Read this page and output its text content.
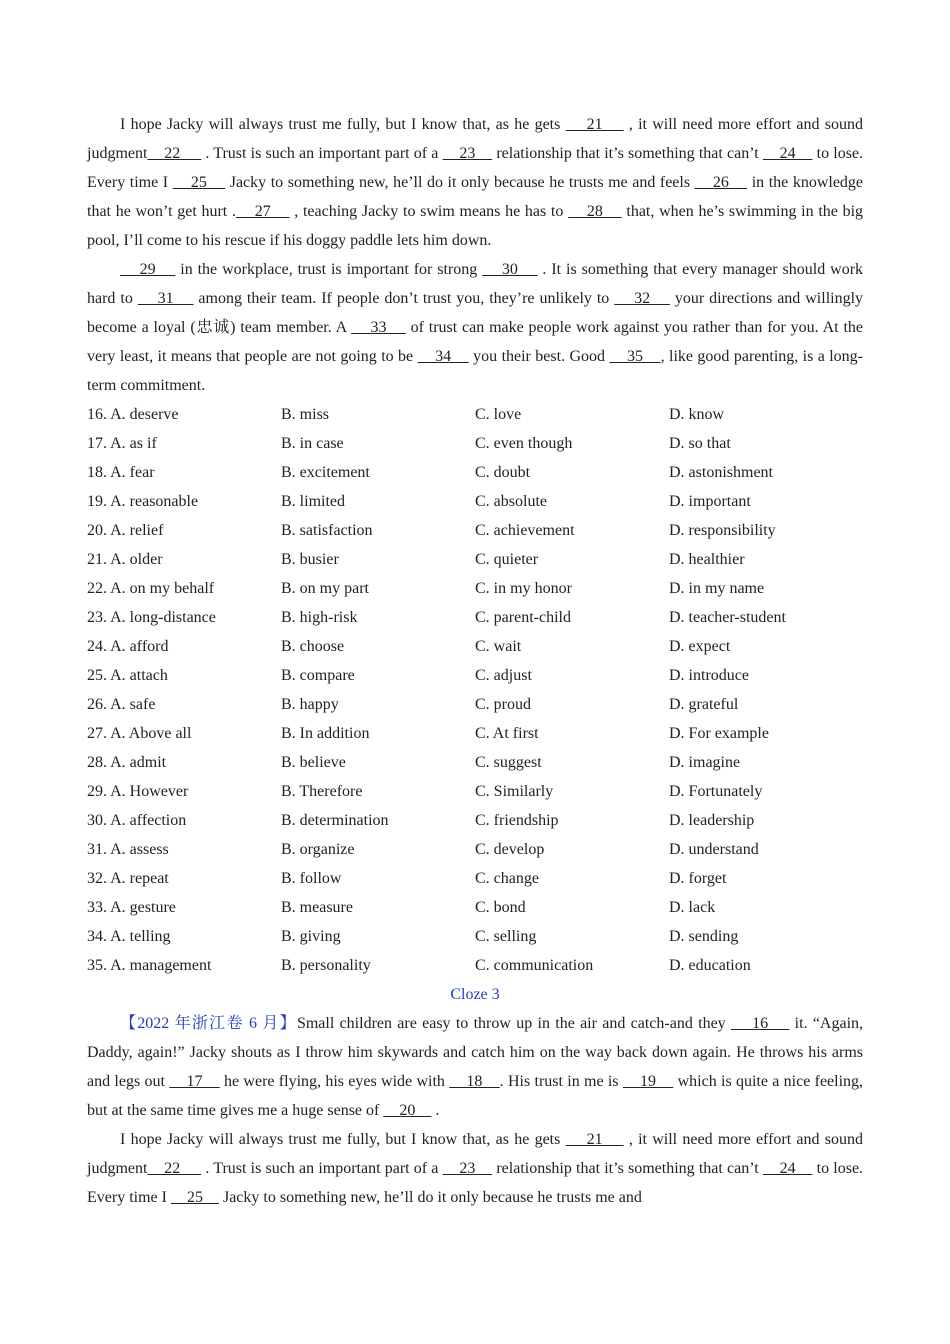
I hope Jacky will always trust me fully, but I know that, as he gets     21     , it will need more effort and sound judgment    22      . Trust is such an important part of a     23     relationship that it’s something that can’t     24     to lose. Every time I     25     Jacky to something new, he’ll do it only because he trusts me and feels     26     in the knowledge that he won’t get hurt .    27     , teaching Jacky to swim means he has to     28     that, when he’s swimming in the big pool, I’ll come to his rescue if his doggy paddle lets him down.

29     in the workplace, trust is important for strong     30     . It is something that every manager should work hard to     31     among their team. If people don’t trust you, they’re unlikely to     32     your directions and willingly become a loyal (忠诚) team member. A     33     of trust can make people work against you rather than for you. At the very least, it means that people are not going to be     34     you their best. Good     35    , like good parenting, is a long-term commitment.

16. A. deserve	B. miss	C. love	D. know
17. A. as if	B. in case	C. even though	D. so that
18. A. fear	B. excitement	C. doubt	D. astonishment
19. A. reasonable	B. limited	C. absolute	D. important
20. A. relief	B. satisfaction	C. achievement	D. responsibility
21. A. older	B. busier	C. quieter	D. healthier
22. A. on my behalf	B. on my part	C. in my honor	D. in my name
23. A. long-distance	B. high-risk	C. parent-child	D. teacher-student
24. A. afford	B. choose	C. wait	D. expect
25. A. attach	B. compare	C. adjust	D. introduce
26. A. safe	B. happy	C. proud	D. grateful
27. A. Above all	B. In addition	C. At first	D. For example
28. A. admit	B. believe	C. suggest	D. imagine
29. A. However	B. Therefore	C. Similarly	D. Fortunately
30. A. affection	B. determination	C. friendship	D. leadership
31. A. assess	B. organize	C. develop	D. understand
32. A. repeat	B. follow	C. change	D. forget
33. A. gesture	B. measure	C. bond	D. lack
34. A. telling	B. giving	C. selling	D. sending
35. A. management	B. personality	C. communication	D. education

Cloze 3

【2022 年浙江卷 6 月】Small children are easy to throw up in the air and catch-and they     16     it. “Again, Daddy, again!” Jacky shouts as I throw him skywards and catch him on the way back down again. He throws his arms and legs out     17     he were flying, his eyes wide with     18    . His trust in me is     19     which is quite a nice feeling, but at the same time gives me a huge sense of     20     .

I hope Jacky will always trust me fully, but I know that, as he gets     21     , it will need more effort and sound judgment    22      . Trust is such an important part of a     23     relationship that it’s something that can’t     24     to lose. Every time I     25     Jacky to something new, he’ll do it only because he trusts me and
